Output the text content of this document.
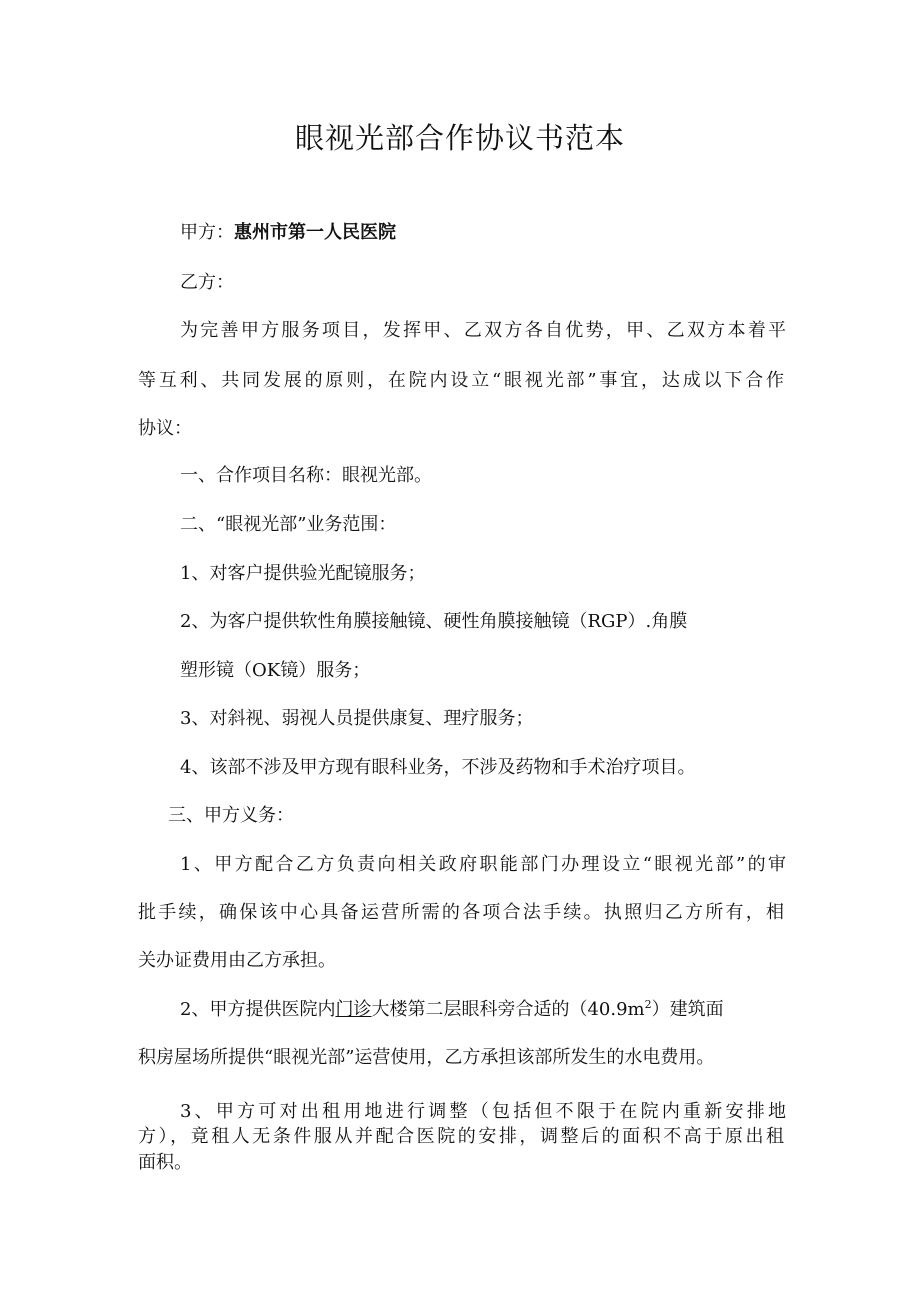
眼视光部合作协议书范本
甲方：惠州市第一人民医院
乙方：
为完善甲方服务项目，发挥甲、乙双方各自优势，甲、乙双方本着平
等互利、共同发展的原则，在院内设立“眼视光部”事宜，达成以下合作
协议：
一、合作项目名称：眼视光部。
二、“眼视光部”业务范围：
1、对客户提供验光配镜服务；
2、为客户提供软性角膜接触镜、硬性角膜接触镜（RGP）.角膜
塑形镜（OK镜）服务；
3、对斜视、弱视人员提供康复、理疗服务；
4、该部不涉及甲方现有眼科业务，不涉及药物和手术治疗项目。
三、甲方义务：
1、甲方配合乙方负责向相关政府职能部门办理设立“眼视光部”的审
批手续，确保该中心具备运营所需的各项合法手续。执照归乙方所有，相
关办证费用由乙方承担。
2、甲方提供医院内门诊大楼第二层眼科旁合适的$(40.9m^2)$建筑面
积房屋场所提供“眼视光部”运营使用，乙方承担该部所发生的水电费用。
3、甲方可对出租用地进行调整（包括但不限于在院内重新安排地
方），竟租人无条件服从并配合医院的安排，调整后的面积不高于原出租
面积。
